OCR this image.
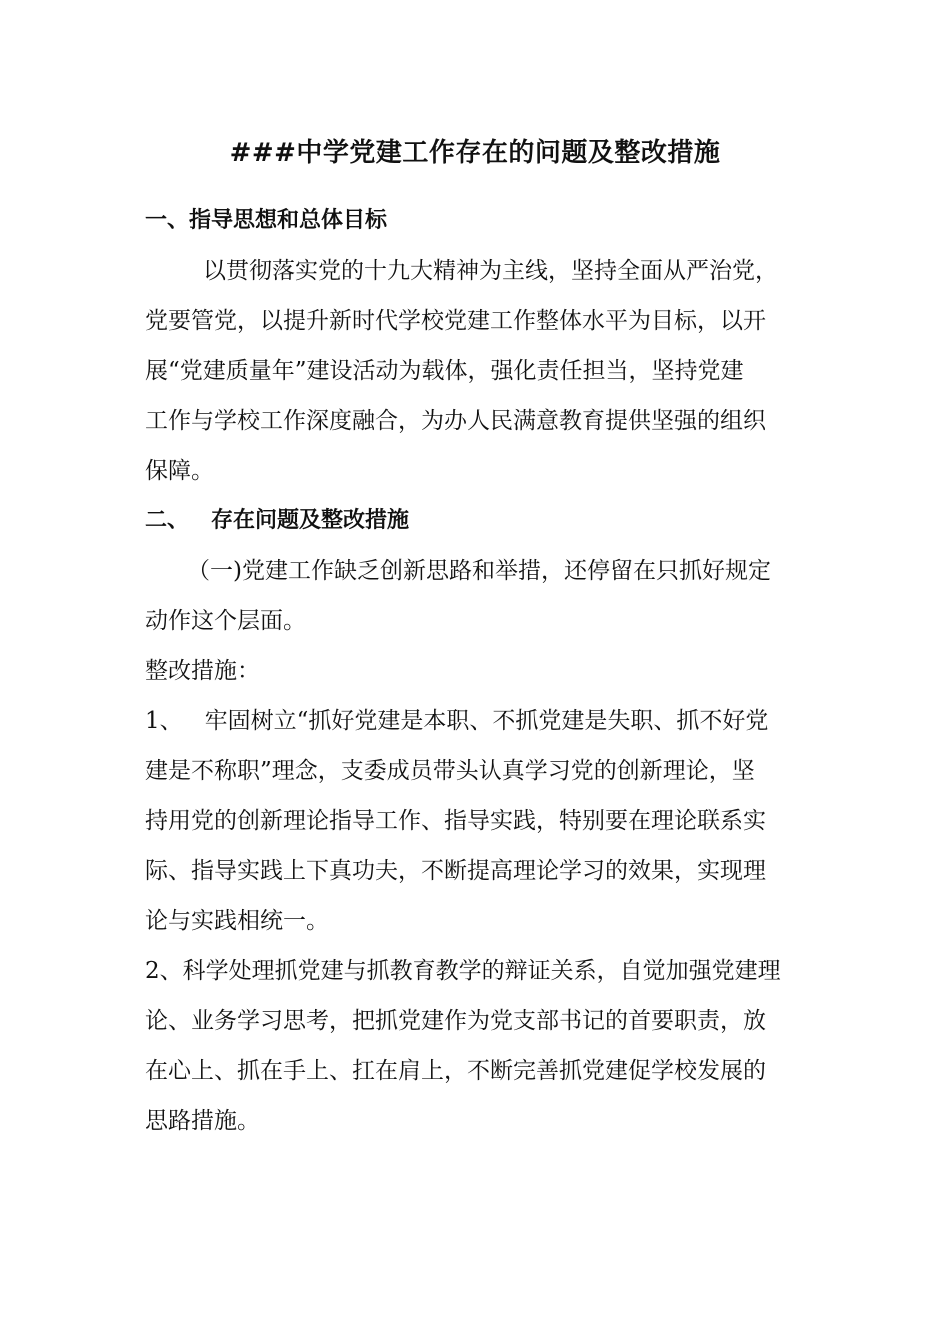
###中学党建工作存在的问题及整改措施
一、指导思想和总体目标
以贯彻落实党的十九大精神为主线，坚持全面从严治党，
党要管党，以提升新时代学校党建工作整体水平为目标，以开
展“党建质量年”建设活动为载体，强化责任担当，坚持党建
工作与学校工作深度融合，为办人民满意教育提供坚强的组织
保障。
二、 存在问题及整改措施
（一)党建工作缺乏创新思路和举措，还停留在只抓好规定
动作这个层面。
整改措施：
1、 牢固树立“抓好党建是本职、不抓党建是失职、抓不好党
建是不称职”理念，支委成员带头认真学习党的创新理论，坚
持用党的创新理论指导工作、指导实践，特别要在理论联系实
际、指导实践上下真功夫，不断提高理论学习的效果，实现理
论与实践相统一。
2、科学处理抓党建与抓教育教学的辩证关系，自觉加强党建理
论、业务学习思考，把抓党建作为党支部书记的首要职责，放
在心上、抓在手上、扛在肩上，不断完善抓党建促学校发展的
思路措施。
